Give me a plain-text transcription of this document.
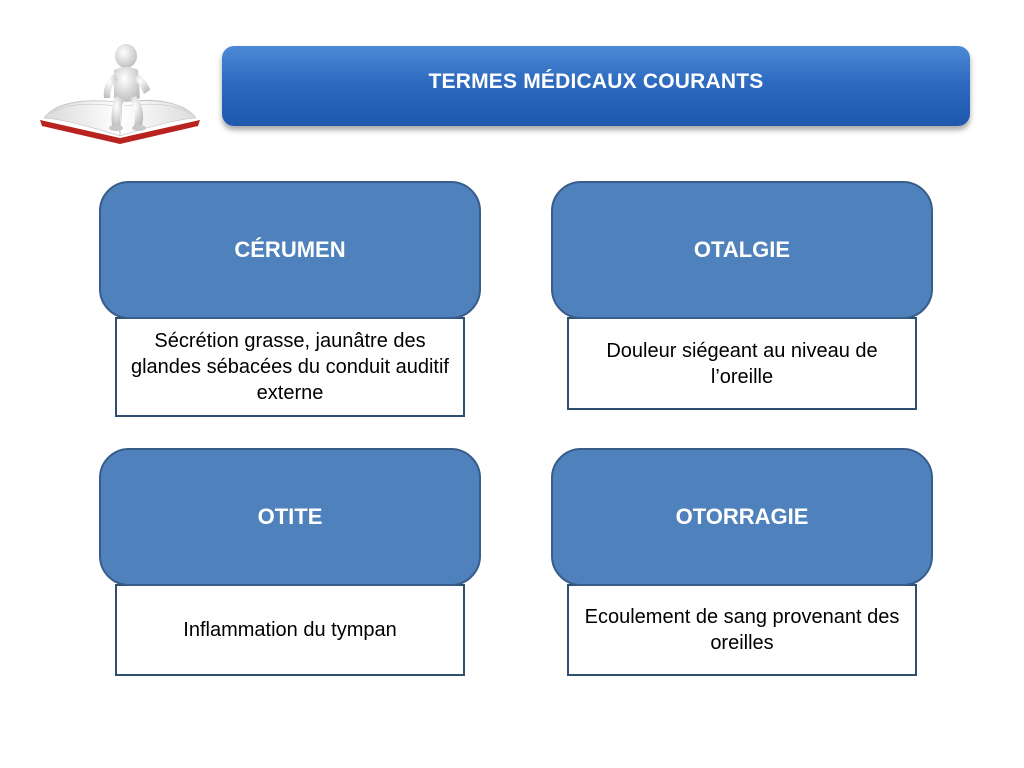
TERMES MÉDICAUX COURANTS
CÉRUMEN
Sécrétion grasse, jaunâtre des glandes sébacées du conduit auditif externe
OTALGIE
Douleur siégeant au niveau de l’oreille
OTITE
Inflammation du tympan
OTORRAGIE
Ecoulement de sang provenant des oreilles
